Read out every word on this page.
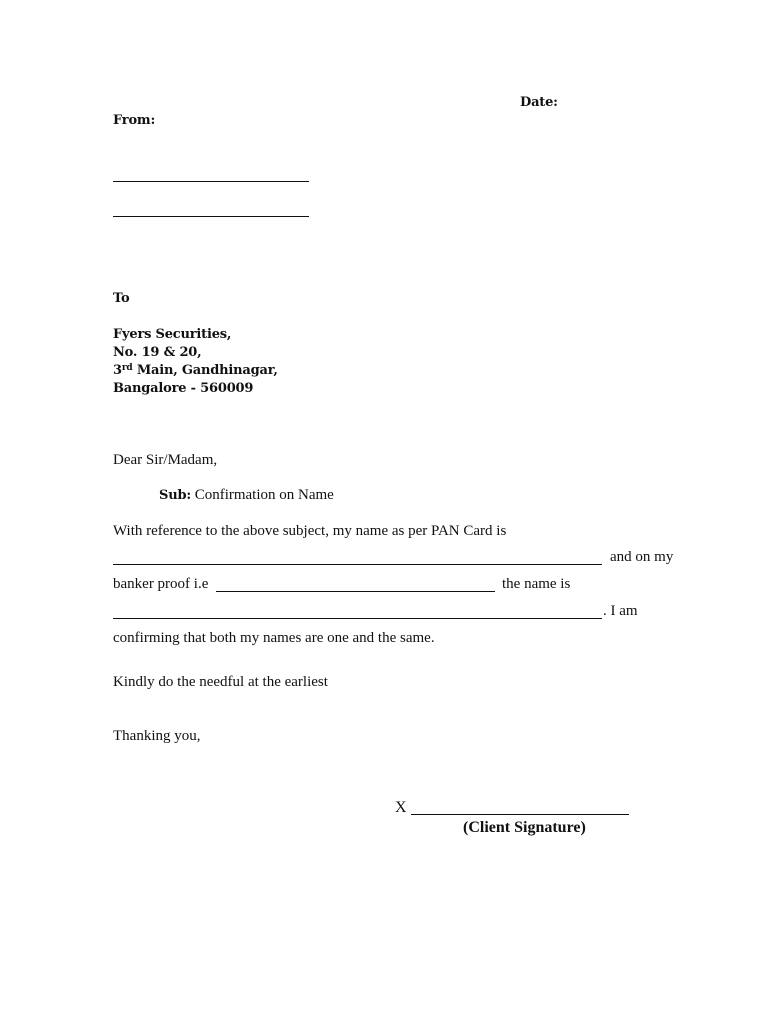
Date:
From:
To
Fyers Securities,
No. 19 & 20,
3rd Main, Gandhinagar,
Bangalore - 560009
Dear Sir/Madam,
Sub: Confirmation on Name
With reference to the above subject, my name as per PAN Card is
and on my
banker proof i.e	the name is
. I am
confirming that both my names are one and the same.
Kindly do the needful at the earliest
Thanking you,
X
(Client Signature)
